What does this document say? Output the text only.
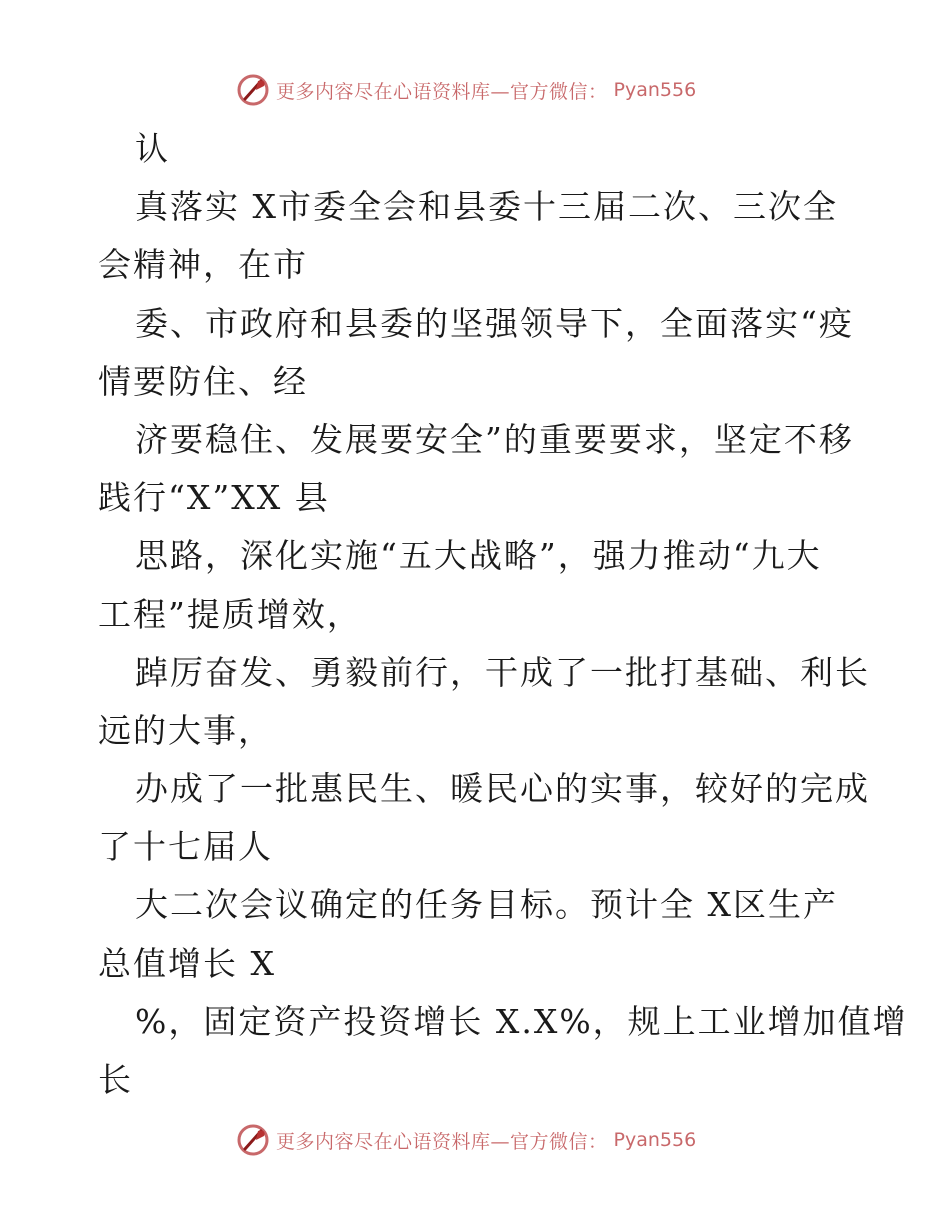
更多内容尽在心语资料库—官方微信： Pyan556
认
真落实 X市委全会和县委十三届二次、三次全
会精神，在市
委、市政府和县委的坚强领导下，全面落实“疫
情要防住、经
济要稳住、发展要安全”的重要要求，坚定不移
践行“X”XX 县
思路，深化实施“五大战略”，强力推动“九大
工程”提质增效，
踔厉奋发、勇毅前行，干成了一批打基础、利长
远的大事，
办成了一批惠民生、暖民心的实事，较好的完成
了十七届人
大二次会议确定的任务目标。预计全 X区生产
总值增长 X
%，固定资产投资增长 X.X%，规上工业增加值增
长
更多内容尽在心语资料库—官方微信： Pyan556
